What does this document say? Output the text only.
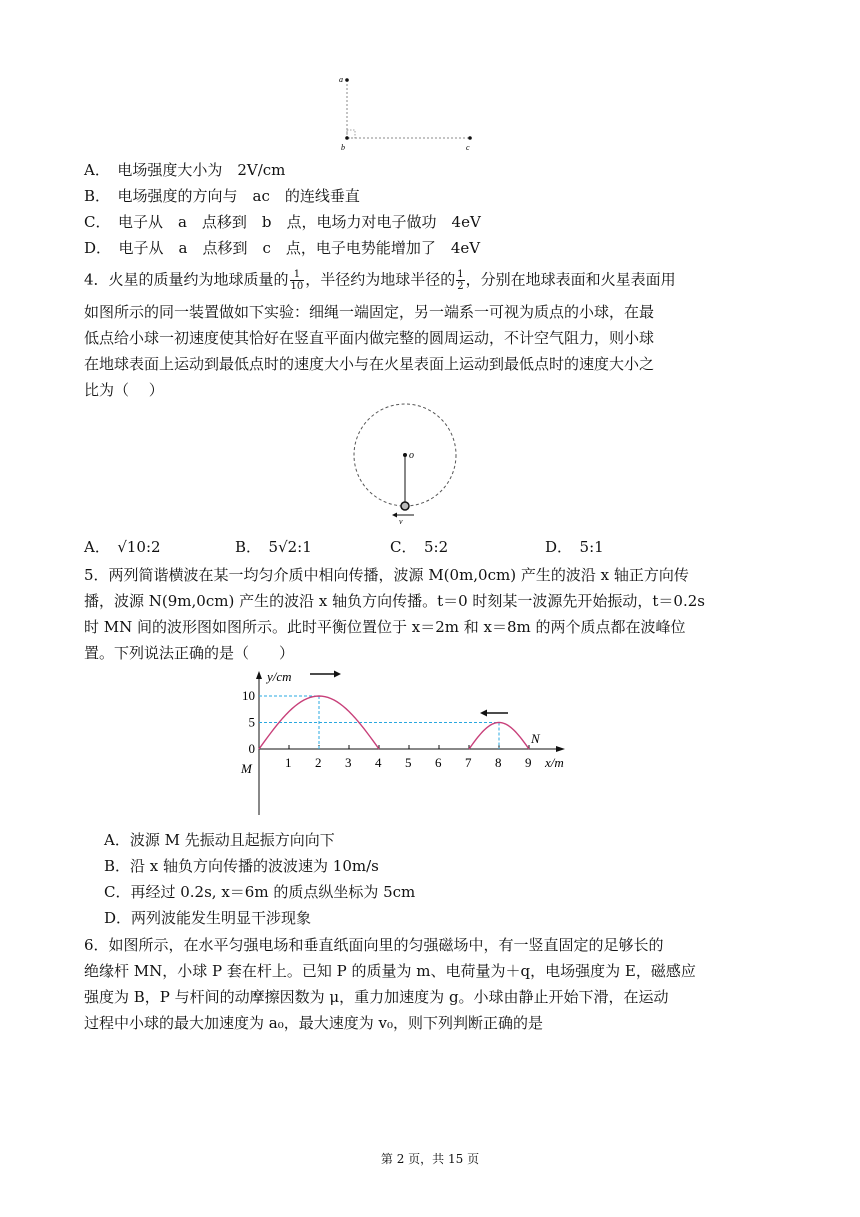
a
b	c
A．　电场强度大小为　2V/cm
B．　电场强度的方向与　ac　的连线垂直
C．　电子从　a　点移到　b　点，电场力对电子做功　4eV
D．　电子从　a　点移到　c　点，电子电势能增加了　4eV
4．火星的质量约为地球质量的 $\frac{1}{10}$ ，半径约为地球半径的 $\frac{1}{2}$ ，分别在地球表面和火星表面用
如图所示的同一装置做如下实验：细绳一端固定，另一端系一可视为质点的小球，在最
低点给小球一初速度使其恰好在竖直平面内做完整的圆周运动，不计空气阻力，则小球
在地球表面上运动到最低点时的速度大小与在火星表面上运动到最低点时的速度大小之
比为（　 ）
o
v
A．　√10:2	B．　5√2:1	C．　5:2	D．　5:1
5．两列简谐横波在某一均匀介质中相向传播，波源 M(0m,0cm) 产生的波沿 x 轴正方向传
播，波源 N(9m,0cm) 产生的波沿 x 轴负方向传播。t＝0 时刻某一波源先开始振动，t＝0.2s
时 MN 间的波形图如图所示。此时平衡位置位于 x＝2m 和 x＝8m 的两个质点都在波峰位
置。下列说法正确的是（　　）
y/cm
x/m
1 2 3 4 5 6 7 8 9
10
5
0
M
N
A．波源 M 先振动且起振方向向下
B．沿 x 轴负方向传播的波波速为 10m/s
C．再经过 0.2s, x＝6m 的质点纵坐标为 5cm
D．两列波能发生明显干涉现象
6．如图所示，在水平匀强电场和垂直纸面向里的匀强磁场中，有一竖直固定的足够长的
绝缘杆 MN，小球 P 套在杆上。已知 P 的质量为 m、电荷量为＋q，电场强度为 E，磁感应
强度为 B，P 与杆间的动摩擦因数为 μ，重力加速度为 g。小球由静止开始下滑，在运动
过程中小球的最大加速度为 a₀，最大速度为 v₀，则下列判断正确的是
第 2 页，共 15 页
